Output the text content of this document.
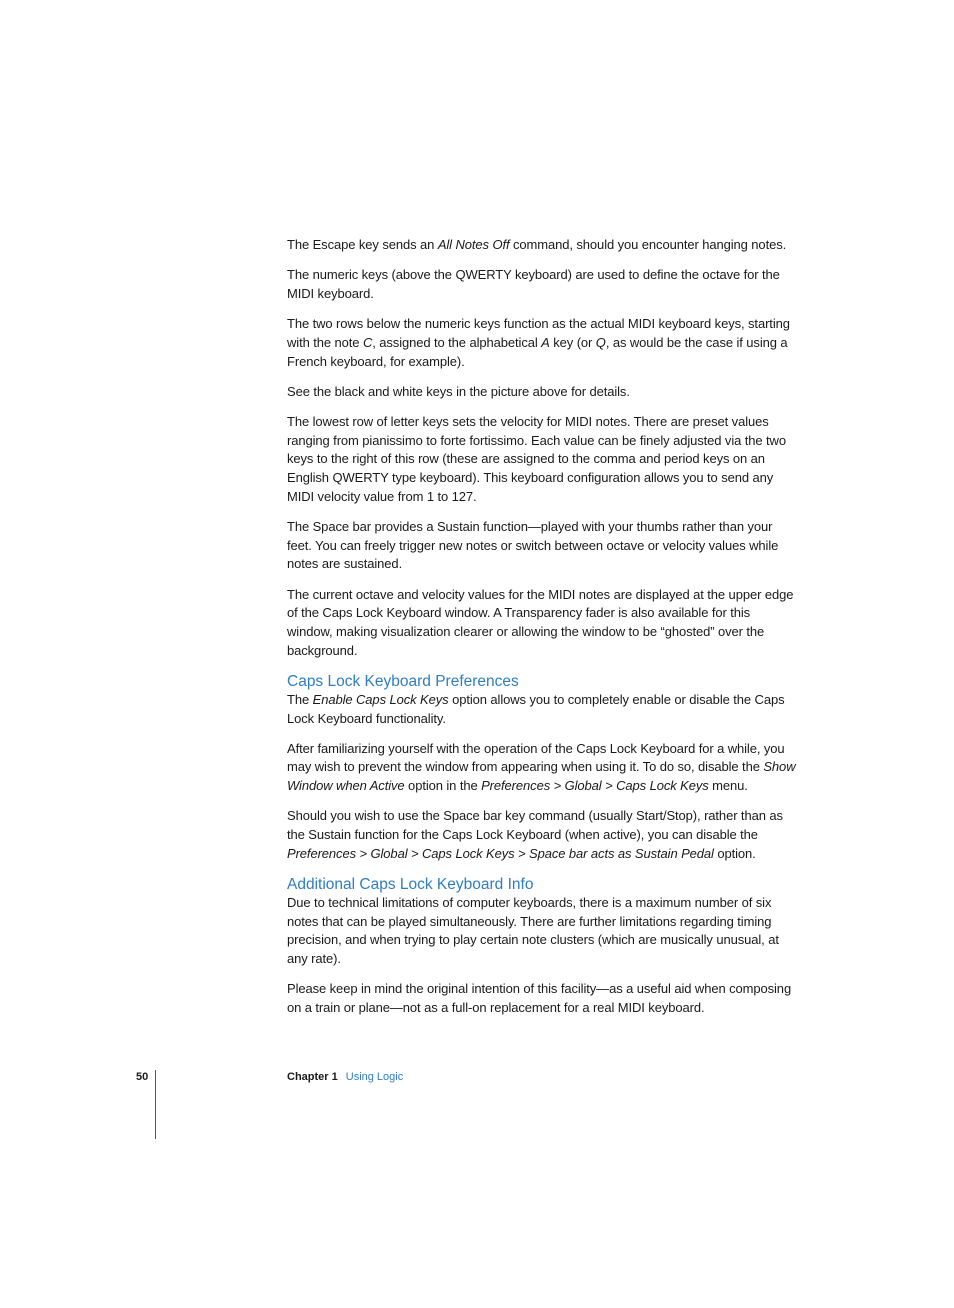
The Escape key sends an All Notes Off command, should you encounter hanging notes.

The numeric keys (above the QWERTY keyboard) are used to define the octave for the MIDI keyboard.

The two rows below the numeric keys function as the actual MIDI keyboard keys, starting with the note C, assigned to the alphabetical A key (or Q, as would be the case if using a French keyboard, for example).

See the black and white keys in the picture above for details.

The lowest row of letter keys sets the velocity for MIDI notes. There are preset values ranging from pianissimo to forte fortissimo. Each value can be finely adjusted via the two keys to the right of this row (these are assigned to the comma and period keys on an English QWERTY type keyboard). This keyboard configuration allows you to send any MIDI velocity value from 1 to 127.

The Space bar provides a Sustain function—played with your thumbs rather than your feet. You can freely trigger new notes or switch between octave or velocity values while notes are sustained.

The current octave and velocity values for the MIDI notes are displayed at the upper edge of the Caps Lock Keyboard window. A Transparency fader is also available for this window, making visualization clearer or allowing the window to be “ghosted” over the background.

Caps Lock Keyboard Preferences

The Enable Caps Lock Keys option allows you to completely enable or disable the Caps Lock Keyboard functionality.

After familiarizing yourself with the operation of the Caps Lock Keyboard for a while, you may wish to prevent the window from appearing when using it. To do so, disable the Show Window when Active option in the Preferences > Global > Caps Lock Keys menu.

Should you wish to use the Space bar key command (usually Start/Stop), rather than as the Sustain function for the Caps Lock Keyboard (when active), you can disable the Preferences > Global > Caps Lock Keys > Space bar acts as Sustain Pedal option.

Additional Caps Lock Keyboard Info

Due to technical limitations of computer keyboards, there is a maximum number of six notes that can be played simultaneously. There are further limitations regarding timing precision, and when trying to play certain note clusters (which are musically unusual, at any rate).

Please keep in mind the original intention of this facility—as a useful aid when composing on a train or plane—not as a full-on replacement for a real MIDI keyboard.

50	Chapter 1 Using Logic
